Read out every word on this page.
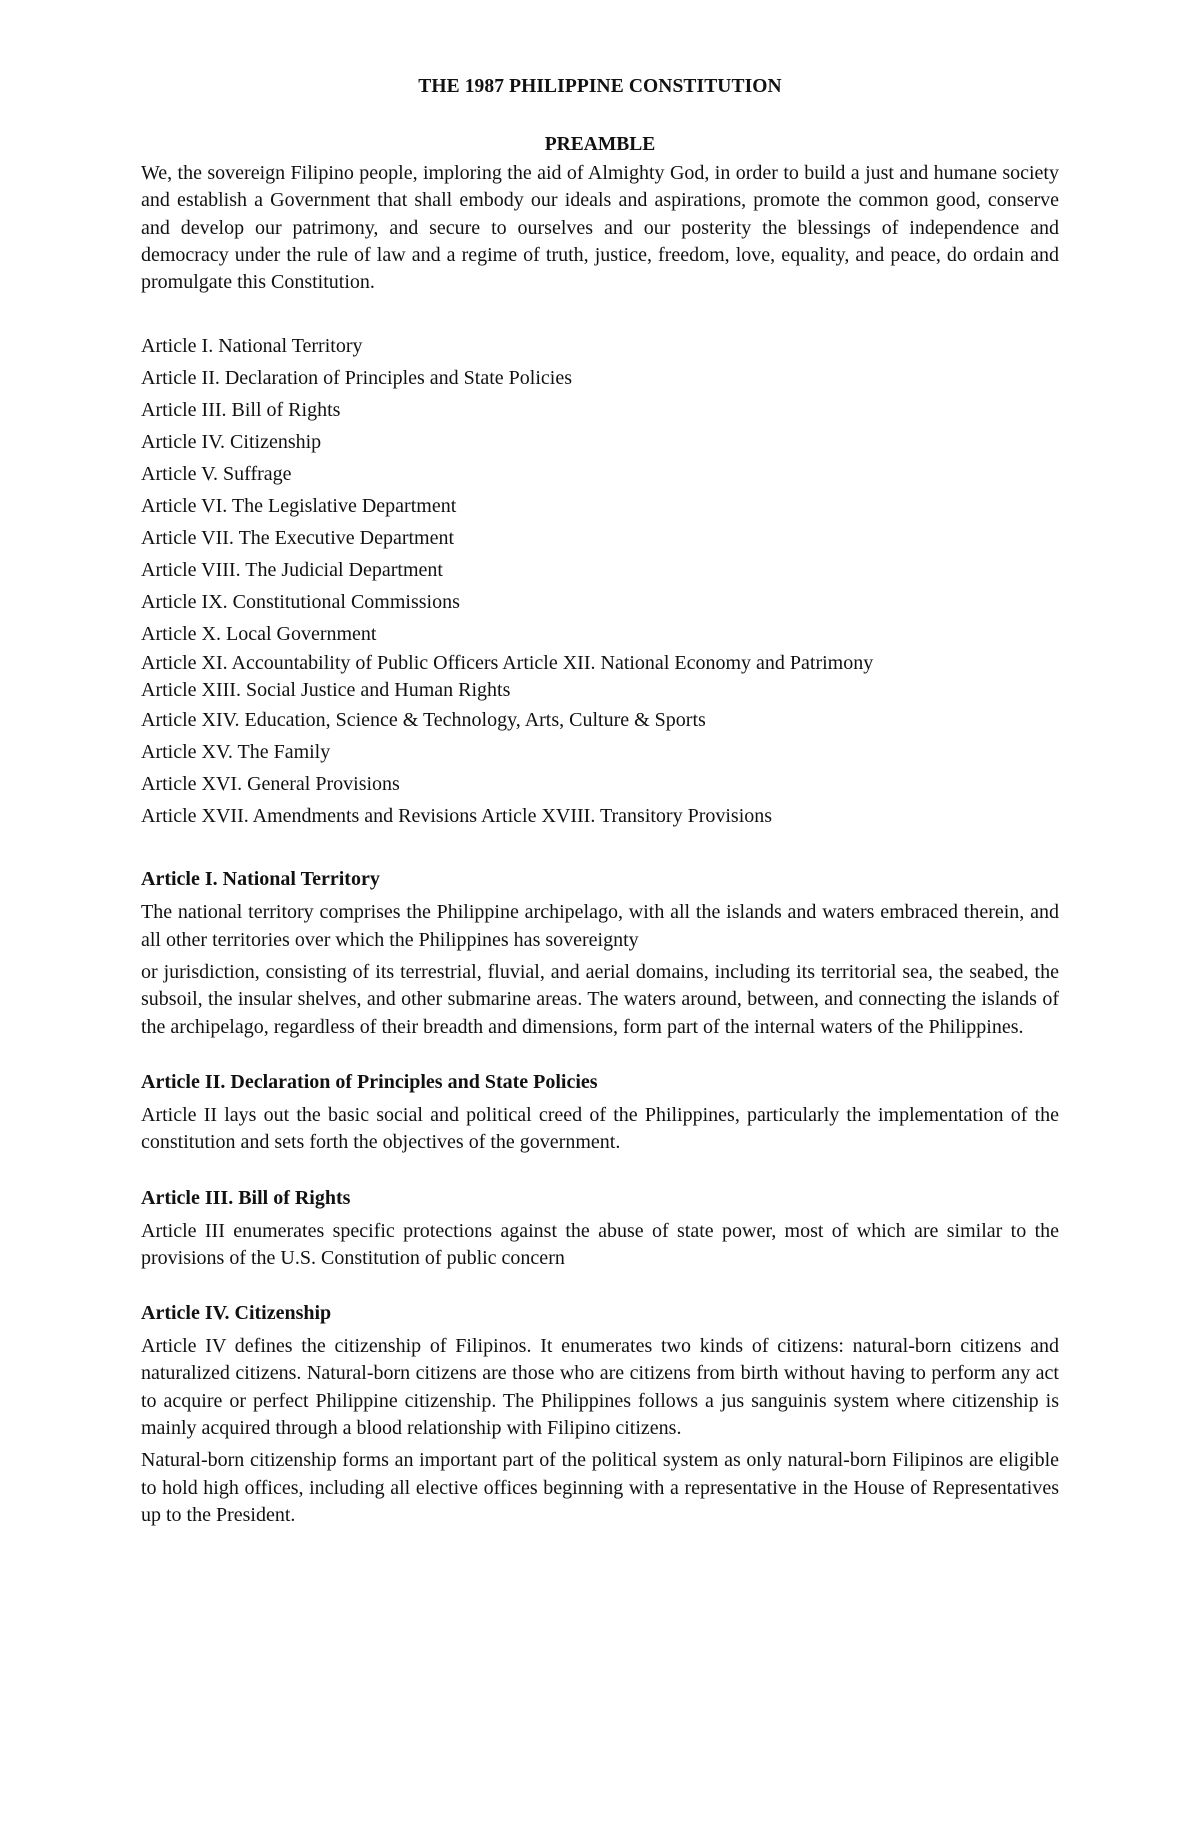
THE 1987 PHILIPPINE CONSTITUTION
PREAMBLE

We, the sovereign Filipino people, imploring the aid of Almighty God, in order to build a just and humane society and establish a Government that shall embody our ideals and aspirations, promote the common good, conserve and develop our patrimony, and secure to ourselves and our posterity the blessings of independence and democracy under the rule of law and a regime of truth, justice, freedom, love, equality, and peace, do ordain and promulgate this Constitution.

Article I. National Territory
Article II. Declaration of Principles and State Policies
Article III. Bill of Rights
Article IV. Citizenship
Article V. Suffrage
Article VI. The Legislative Department
Article VII. The Executive Department
Article VIII. The Judicial Department
Article IX. Constitutional Commissions
Article X. Local Government
Article XI. Accountability of Public Officers Article XII. National Economy and Patrimony
Article XIII. Social Justice and Human Rights
Article XIV. Education, Science & Technology, Arts, Culture & Sports
Article XV. The Family
Article XVI. General Provisions
Article XVII. Amendments and Revisions Article XVIII. Transitory Provisions
Article I. National Territory

The national territory comprises the Philippine archipelago, with all the islands and waters embraced therein, and all other territories over which the Philippines has sovereignty

or jurisdiction, consisting of its terrestrial, fluvial, and aerial domains, including its territorial sea, the seabed, the subsoil, the insular shelves, and other submarine areas. The waters around, between, and connecting the islands of the archipelago, regardless of their breadth and dimensions, form part of the internal waters of the Philippines.

Article II. Declaration of Principles and State Policies

Article II lays out the basic social and political creed of the Philippines, particularly the implementation of the constitution and sets forth the objectives of the government.

Article III. Bill of Rights

Article III enumerates specific protections against the abuse of state power, most of which are similar to the provisions of the U.S. Constitution of public concern

Article IV. Citizenship

Article IV defines the citizenship of Filipinos. It enumerates two kinds of citizens: natural-born citizens and naturalized citizens. Natural-born citizens are those who are citizens from birth without having to perform any act to acquire or perfect Philippine citizenship. The Philippines follows a jus sanguinis system where citizenship is mainly acquired through a blood relationship with Filipino citizens.

Natural-born citizenship forms an important part of the political system as only natural-born Filipinos are eligible to hold high offices, including all elective offices beginning with a representative in the House of Representatives up to the President.
